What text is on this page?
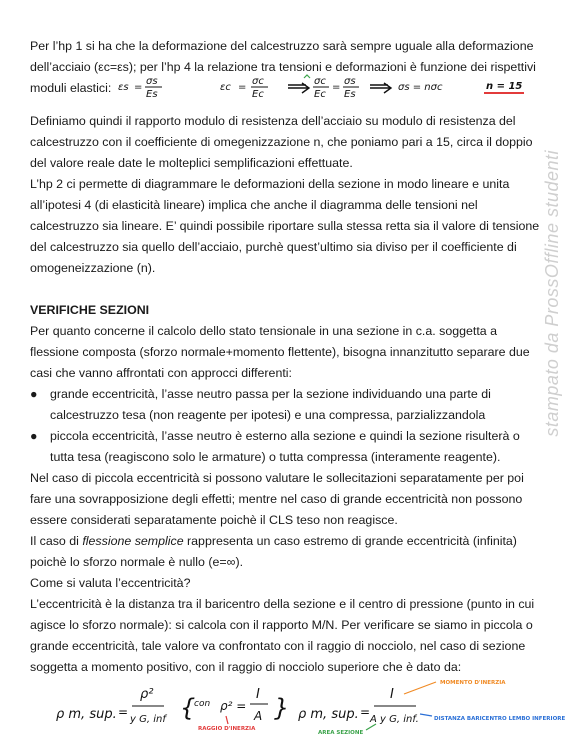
Per l’hp 1 si ha che la deformazione del calcestruzzo sarà sempre uguale alla deformazione

dell’acciaio (εc=εs); per l’hp 4 la relazione tra tensioni e deformazioni è funzione dei rispettivi

moduli elastici:

Definiamo quindi il rapporto modulo di resistenza dell’acciaio su modulo di resistenza del

calcestruzzo con il coefficiente di omegenizzazione n, che poniamo pari a 15, circa il doppio

del valore reale date le molteplici semplificazioni effettuate.

L’hp 2 ci permette di diagrammare le deformazioni della sezione in modo lineare e unita

all’ipotesi 4 (di elasticità lineare) implica che anche il diagramma delle tensioni nel

calcestruzzo sia lineare. E’ quindi possibile riportare sulla stessa retta sia il valore di tensione

del calcestruzzo sia quello dell’acciaio, purchè quest’ultimo sia diviso per il coefficiente di

omogeneizzazione (n).

VERIFICHE SEZIONI

Per quanto concerne il calcolo dello stato tensionale in una sezione in c.a. soggetta a

flessione composta (sforzo normale+momento flettente), bisogna innanzitutto separare due

casi che vanno affrontati con approcci differenti:

● grande eccentricità, l’asse neutro passa per la sezione individuando una parte di
calcestruzzo tesa (non reagente per ipotesi) e una compressa, parzializzandola
● piccola eccentricità, l’asse neutro è esterno alla sezione e quindi la sezione risulterà o
tutta tesa (reagiscono solo le armature) o tutta compressa (interamente reagente).

Nel caso di piccola eccentricità si possono valutare le sollecitazioni separatamente per poi

fare una sovrapposizione degli effetti; mentre nel caso di grande eccentricità non possono

essere considerati separatamente poichè il CLS teso non reagisce.

Il caso di flessione semplice rappresenta un caso estremo di grande eccentricità (infinita)

poichè lo sforzo normale è nullo (e=∞).

Come si valuta l’eccentricità?

L’eccentricità è la distanza tra il baricentro della sezione e il centro di pressione (punto in cui

agisce lo sforzo normale): si calcola con il rapporto M/N. Per verificare se siamo in piccola o

grande eccentricità, tale valore va confrontato con il raggio di nocciolo, nel caso di sezione

soggetta a momento positivo, con il raggio di nocciolo superiore che è dato da:

εs =
σs
Es
εc =
σc
Ec
σc
Ec
=
σs
Es
σs = nσc	n = 15
ρ m, sup. =
ρ²
y G, inf {
con ρ² =
I
A } ρ m, sup. =
I
A y G, inf.
RAGGIO D'INERZIA
MOMENTO D'INERZIA
AREA SEZIONE
DISTANZA BARICENTRO LEMBO INFERIORE
stampato da ProssOffline studenti
